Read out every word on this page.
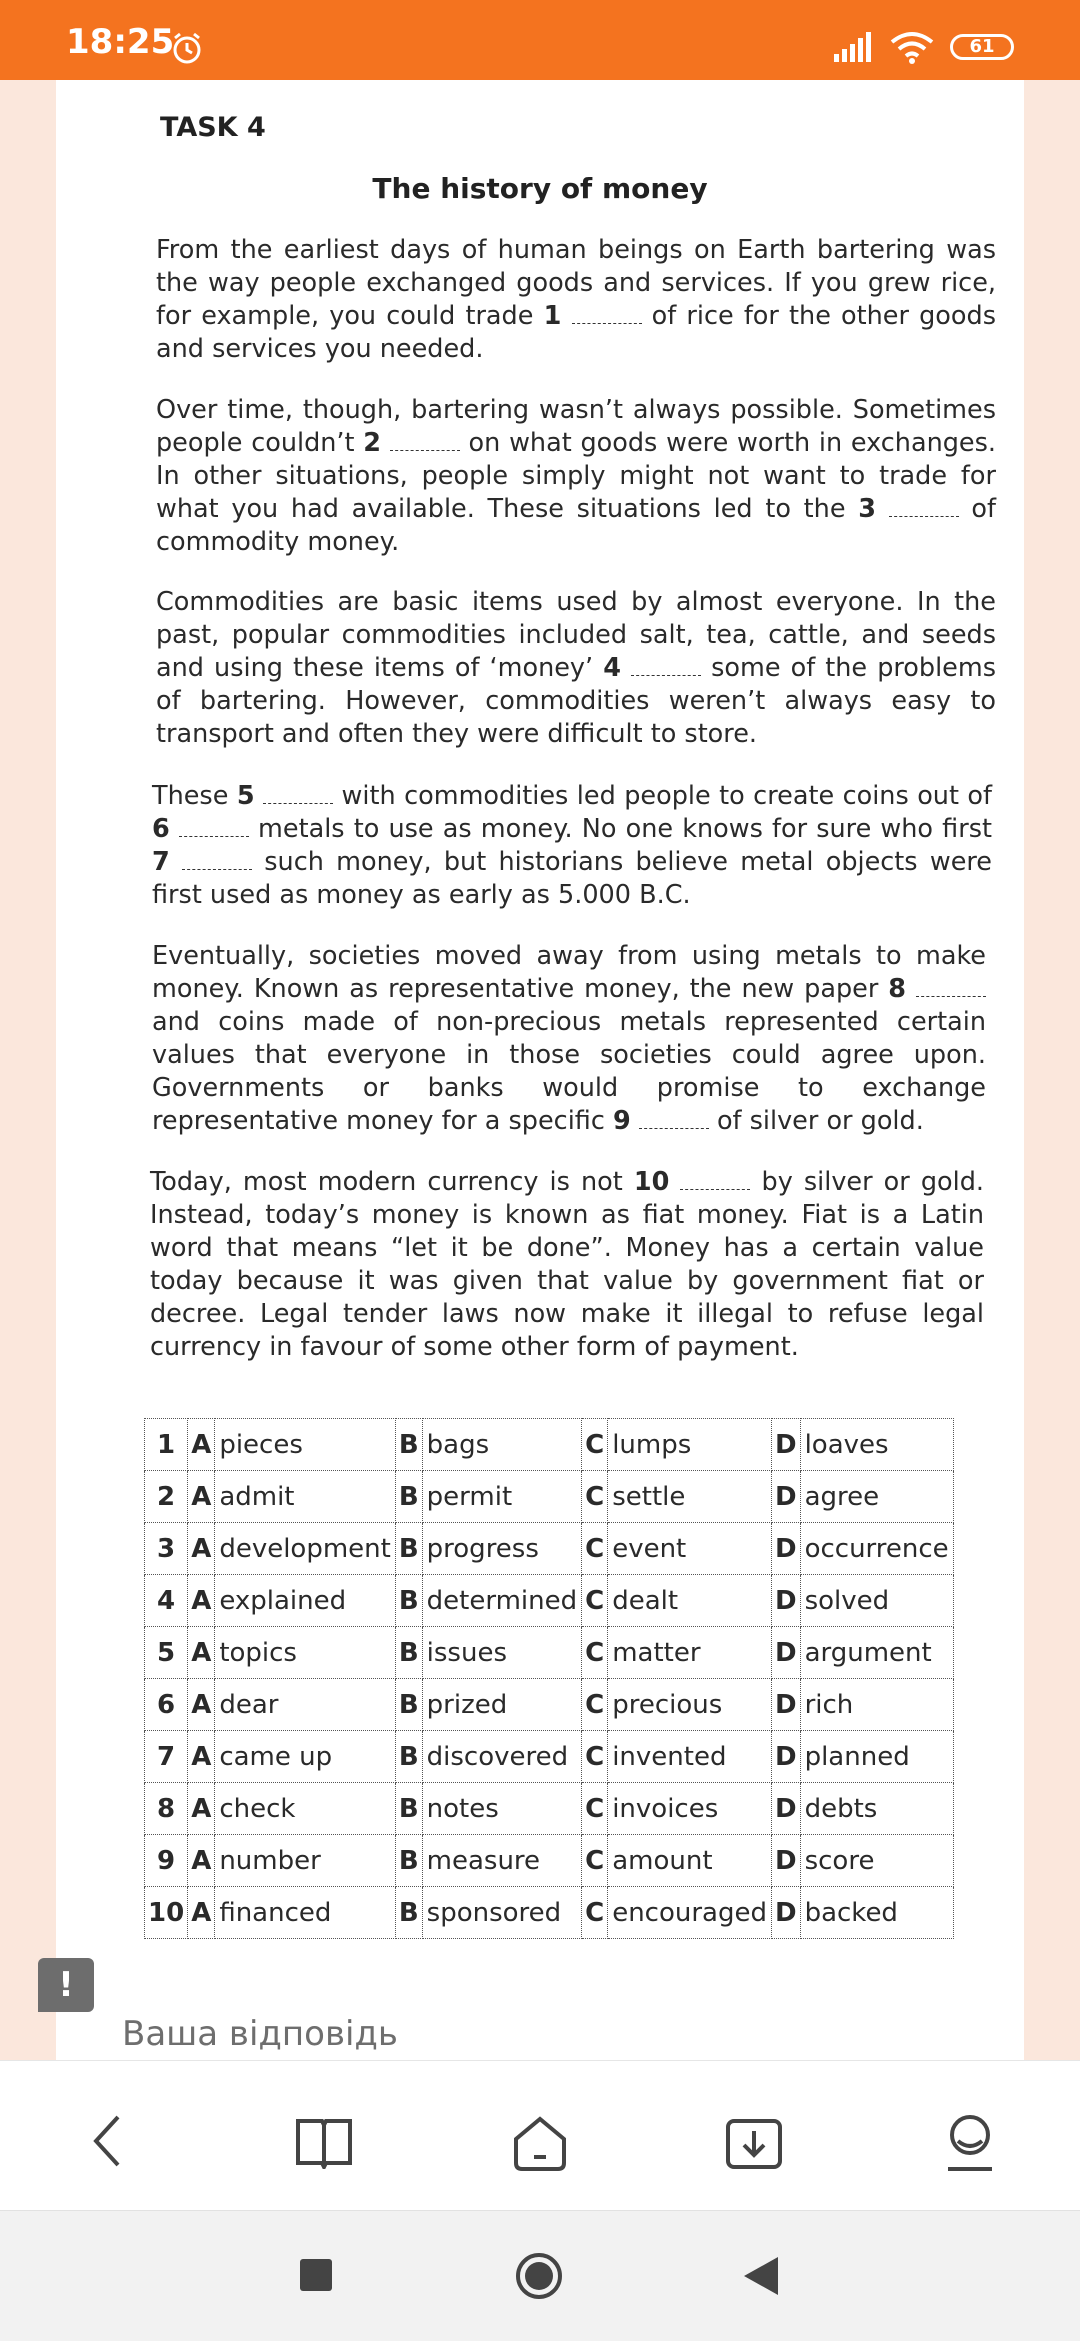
18:25	61
TASK 4
The history of money
From the earliest days of human beings on Earth bartering was the way people exchanged goods and services. If you grew rice, for example, you could trade 1	of rice for the other goods and services you needed.
Over time, though, bartering wasn’t always possible. Sometimes people couldn’t 2	on what goods were worth in exchanges. In other situations, people simply might not want to trade for what you had available. These situations led to the 3	of commodity money.
Commodities are basic items used by almost everyone. In the past, popular commodities included salt, tea, cattle, and seeds and using these items of ‘money’ 4	some of the problems of bartering. However, commodities weren’t always easy to transport and often they were difficult to store.
These 5	with commodities led people to create coins out of 6	metals to use as money. No one knows for sure who first 7	such money, but historians believe metal objects were first used as money as early as 5.000 B.C.
Eventually, societies moved away from using metals to make money. Known as representative money, the new paper 8  and coins made of non-precious metals represented certain values that everyone in those societies could agree upon. Governments or banks would promise to exchange representative money for a specific 9	of silver or gold.
Today, most modern currency is not 10	by silver or gold. Instead, today’s money is known as fiat money. Fiat is a Latin word that means “let it be done”. Money has a certain value today because it was given that value by government fiat or decree. Legal tender laws now make it illegal to refuse legal currency in favour of some other form of payment.
1	A	pieces	B	bags	C	lumps	D	loaves
2	A	admit	B	permit	C	settle	D	agree
3	A	development	B	progress	C	event	D	occurrence
4	A	explained	B	determined	C	dealt	D	solved
5	A	topics	B	issues	C	matter	D	argument
6	A	dear	B	prized	C	precious	D	rich
7	A	came up	B	discovered	C	invented	D	planned
8	A	check	B	notes	C	invoices	D	debts
9	A	number	B	measure	C	amount	D	score
10	A	financed	B	sponsored	C	encouraged	D	backed
Ваша відповідь
!
